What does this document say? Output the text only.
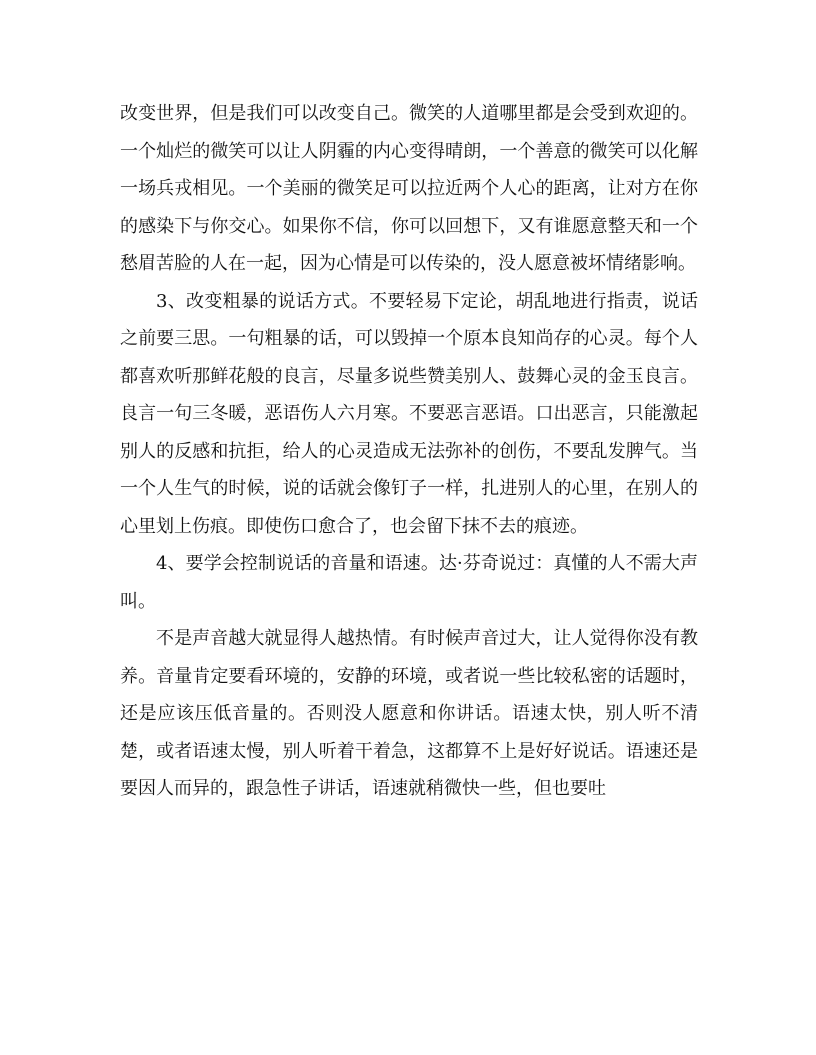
改变世界，但是我们可以改变自己。微笑的人道哪里都是会受到欢迎的。一个灿烂的微笑可以让人阴霾的内心变得晴朗，一个善意的微笑可以化解一场兵戎相见。一个美丽的微笑足可以拉近两个人心的距离，让对方在你的感染下与你交心。如果你不信，你可以回想下，又有谁愿意整天和一个愁眉苦脸的人在一起，因为心情是可以传染的，没人愿意被坏情绪影响。

3、改变粗暴的说话方式。不要轻易下定论，胡乱地进行指责，说话之前要三思。一句粗暴的话，可以毁掉一个原本良知尚存的心灵。每个人都喜欢听那鲜花般的良言，尽量多说些赞美别人、鼓舞心灵的金玉良言。良言一句三冬暖，恶语伤人六月寒。不要恶言恶语。口出恶言，只能激起别人的反感和抗拒，给人的心灵造成无法弥补的创伤，不要乱发脾气。当一个人生气的时候，说的话就会像钉子一样，扎进别人的心里，在别人的心里划上伤痕。即使伤口愈合了，也会留下抹不去的痕迹。

4、要学会控制说话的音量和语速。达·芬奇说过：真懂的人不需大声叫。

不是声音越大就显得人越热情。有时候声音过大，让人觉得你没有教养。音量肯定要看环境的，安静的环境，或者说一些比较私密的话题时，还是应该压低音量的。否则没人愿意和你讲话。语速太快，别人听不清楚，或者语速太慢，别人听着干着急，这都算不上是好好说话。语速还是要因人而异的，跟急性子讲话，语速就稍微快一些，但也要吐
